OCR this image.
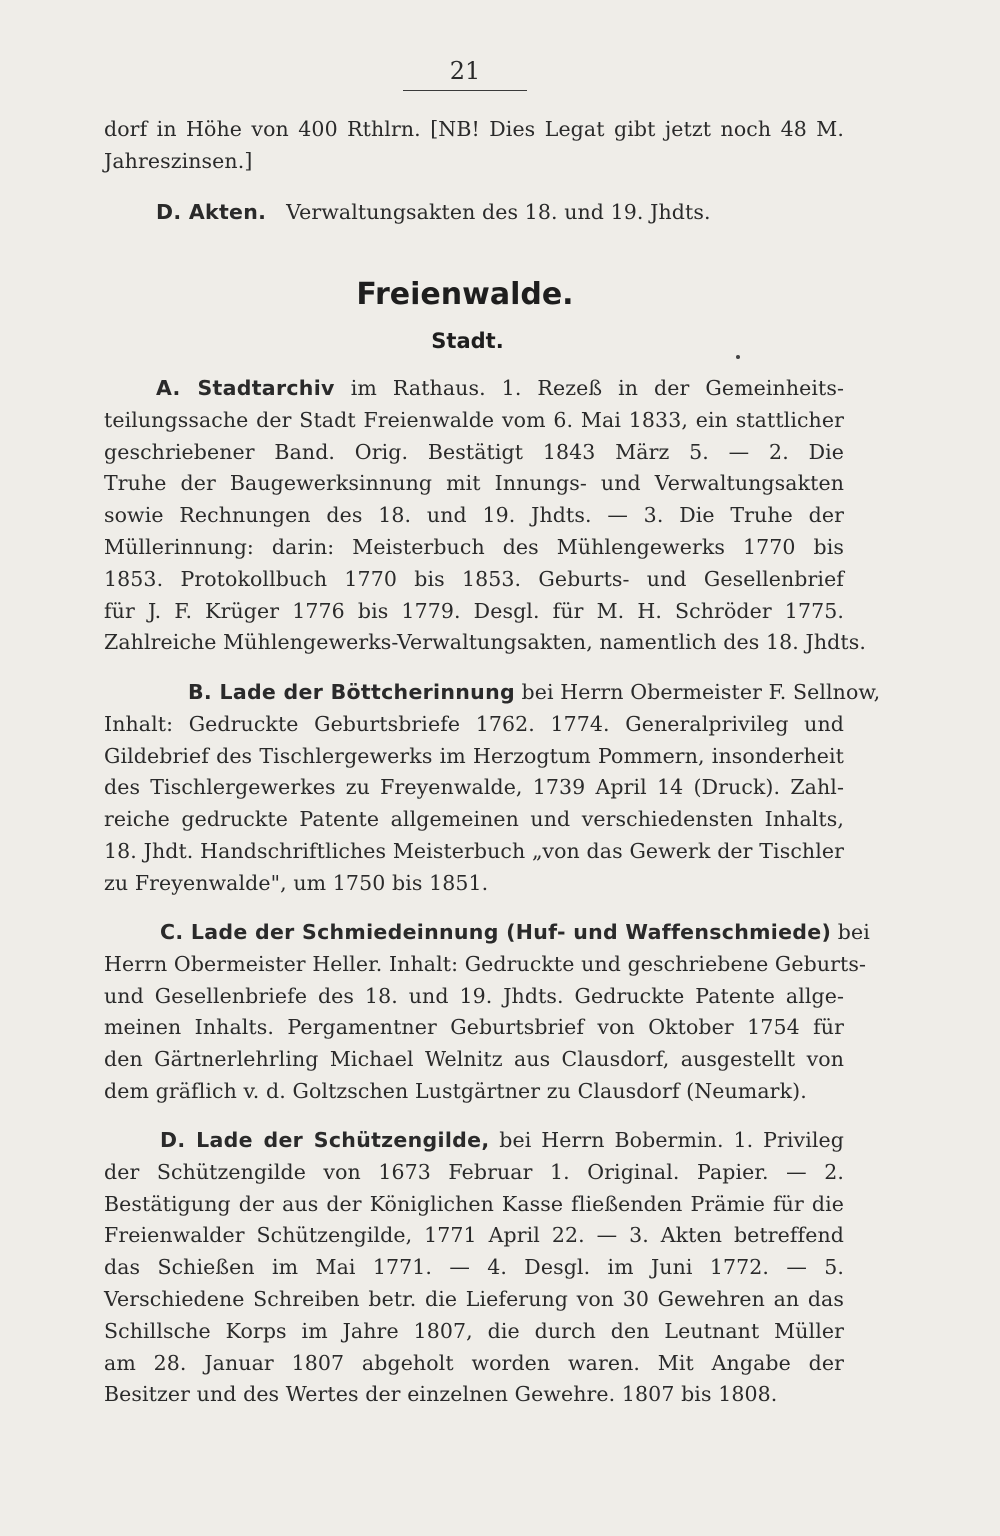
21
dorf in Höhe von 400 Rthlrn. [NB! Dies Legat gibt jetzt noch 48 M.
Jahreszinsen.]
D. Akten. Verwaltungsakten des 18. und 19. Jhdts.
Freienwalde.
Stadt.
A. Stadtarchiv im Rathaus. 1. Rezeß in der Gemeinheits-
teilungssache der Stadt Freienwalde vom 6. Mai 1833, ein stattlicher
geschriebener Band. Orig. Bestätigt 1843 März 5. — 2. Die
Truhe der Baugewerksinnung mit Innungs- und Verwaltungsakten
sowie Rechnungen des 18. und 19. Jhdts. — 3. Die Truhe der
Müllerinnung: darin: Meisterbuch des Mühlengewerks 1770 bis
1853. Protokollbuch 1770 bis 1853. Geburts- und Gesellenbrief
für J. F. Krüger 1776 bis 1779. Desgl. für M. H. Schröder 1775.
Zahlreiche Mühlengewerks-Verwaltungsakten, namentlich des 18. Jhdts.
B. Lade der Böttcherinnung bei Herrn Obermeister F. Sellnow,
Inhalt: Gedruckte Geburtsbriefe 1762. 1774. Generalprivileg und
Gildebrief des Tischlergewerks im Herzogtum Pommern, insonderheit
des Tischlergewerkes zu Freyenwalde, 1739 April 14 (Druck). Zahl-
reiche gedruckte Patente allgemeinen und verschiedensten Inhalts,
18. Jhdt. Handschriftliches Meisterbuch „von das Gewerk der Tischler
zu Freyenwalde", um 1750 bis 1851.
C. Lade der Schmiedeinnung (Huf- und Waffenschmiede) bei
Herrn Obermeister Heller. Inhalt: Gedruckte und geschriebene Geburts-
und Gesellenbriefe des 18. und 19. Jhdts. Gedruckte Patente allge-
meinen Inhalts. Pergamentner Geburtsbrief von Oktober 1754 für
den Gärtnerlehrling Michael Welnitz aus Clausdorf, ausgestellt von
dem gräflich v. d. Goltzschen Lustgärtner zu Clausdorf (Neumark).
D. Lade der Schützengilde, bei Herrn Bobermin. 1. Privileg
der Schützengilde von 1673 Februar 1. Original. Papier. — 2.
Bestätigung der aus der Königlichen Kasse fließenden Prämie für die
Freienwalder Schützengilde, 1771 April 22. — 3. Akten betreffend
das Schießen im Mai 1771. — 4. Desgl. im Juni 1772. — 5.
Verschiedene Schreiben betr. die Lieferung von 30 Gewehren an das
Schillsche Korps im Jahre 1807, die durch den Leutnant Müller
am 28. Januar 1807 abgeholt worden waren. Mit Angabe der
Besitzer und des Wertes der einzelnen Gewehre. 1807 bis 1808.
